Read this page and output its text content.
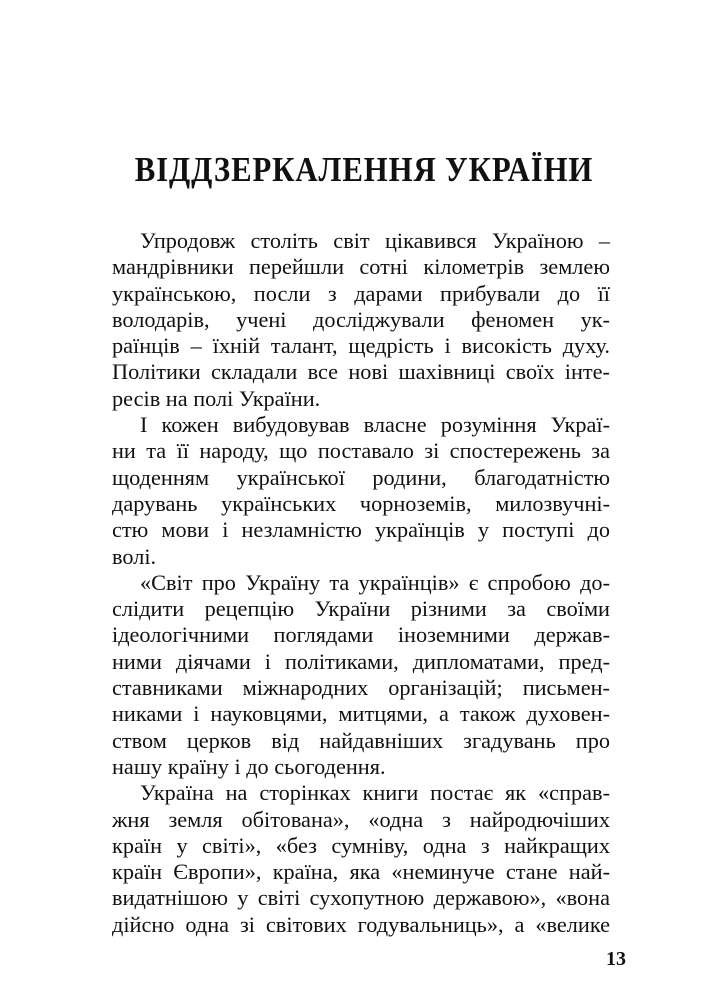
ВІДДЗЕРКАЛЕННЯ УКРАЇНИ
Упродовж століть світ цікавився Україною –
мандрівники перейшли сотні кілометрів землею
українською, посли з дарами прибували до її
володарів, учені досліджували феномен ук-
раїнців – їхній талант, щедрість і високість духу.
Політики складали все нові шахівниці своїх інте-
ресів на полі України.
І кожен вибудовував власне розуміння Украї-
ни та її народу, що поставало зі спостережень за
щоденням української родини, благодатністю
дарувань українських чорноземів, милозвучні-
стю мови і незламністю українців у поступі до
волі.
«Світ про Україну та українців» є спробою до-
слідити рецепцію України різними за своїми
ідеологічними поглядами іноземними держав-
ними діячами і політиками, дипломатами, пред-
ставниками міжнародних організацій; письмен-
никами і науковцями, митцями, а також духовен-
ством церков від найдавніших згадувань про
нашу країну і до сьогодення.
Україна на сторінках книги постає як «справ-
жня земля обітована», «одна з найродючіших
країн у світі», «без сумніву, одна з найкращих
країн Європи», країна, яка «неминуче стане най-
видатнішою у світі сухопутною державою», «вона
дійсно одна зі світових годувальниць», а «велике
13
